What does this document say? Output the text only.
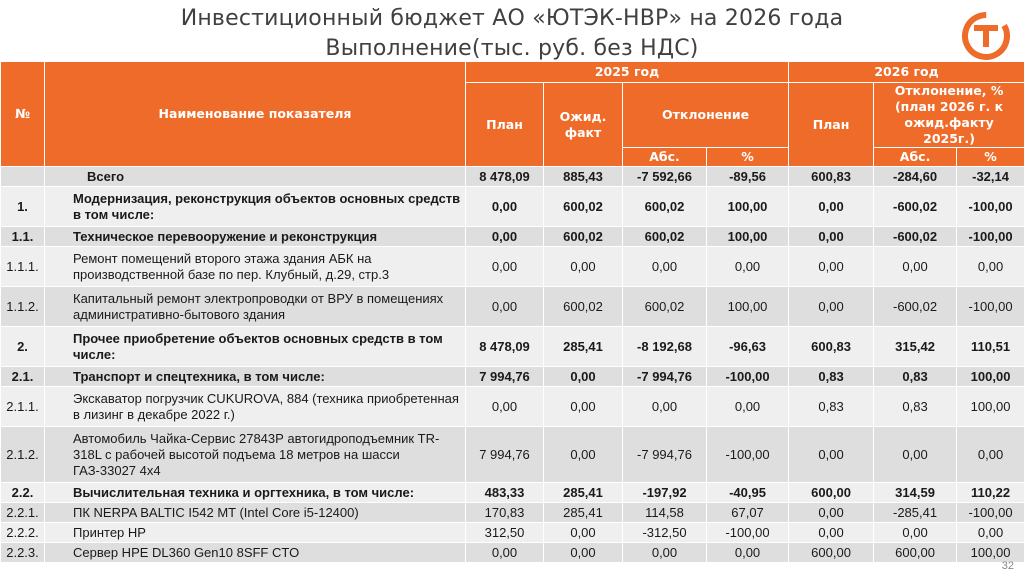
Инвестиционный бюджет АО «ЮТЭК-НВР» на 2026 года
Выполнение(тыс. руб. без НДС)
№	Наименование показателя	2025 год				2026 год		
		План	Ожид. факт	Отклонение		План	Отклонение, % (план 2026 г. к ожид.факту 2025г.)	
				Абс.	%		Абс.	%
	Всего	8 478,09	885,43	-7 592,66	-89,56	600,83	-284,60	-32,14
1.	Модернизация, реконструкция объектов основных средств в том числе:	0,00	600,02	600,02	100,00	0,00	-600,02	-100,00
1.1.	Техническое перевооружение и реконструкция	0,00	600,02	600,02	100,00	0,00	-600,02	-100,00
1.1.1.	Ремонт помещений второго этажа здания АБК на производственной базе по пер. Клубный, д.29, стр.3	0,00	0,00	0,00	0,00	0,00	0,00	0,00
1.1.2.	Капитальный ремонт электропроводки от ВРУ в помещениях административно-бытового здания	0,00	600,02	600,02	100,00	0,00	-600,02	-100,00
2.	Прочее приобретение объектов основных средств в том числе:	8 478,09	285,41	-8 192,68	-96,63	600,83	315,42	110,51
2.1.	Транспорт и спецтехника, в том числе:	7 994,76	0,00	-7 994,76	-100,00	0,83	0,83	100,00
2.1.1.	Экскаватор погрузчик CUKUROVA, 884 (техника приобретенная в лизинг в декабре 2022 г.)	0,00	0,00	0,00	0,00	0,83	0,83	100,00
2.1.2.	Автомобиль Чайка-Сервис 27843Р автогидроподъемник TR-318L с рабочей высотой подъема 18 метров на шасси ГАЗ-33027 4х4	7 994,76	0,00	-7 994,76	-100,00	0,00	0,00	0,00
2.2.	Вычислительная техника и оргтехника, в том числе:	483,33	285,41	-197,92	-40,95	600,00	314,59	110,22
2.2.1.	ПК NERPA BALTIC I542 MT (Intel Core i5-12400)	170,83	285,41	114,58	67,07	0,00	-285,41	-100,00
2.2.2.	Принтер HP	312,50	0,00	-312,50	-100,00	0,00	0,00	0,00
2.2.3.	Сервер HPE DL360 Gen10 8SFF CTO	0,00	0,00	0,00	0,00	600,00	600,00	100,00
32
